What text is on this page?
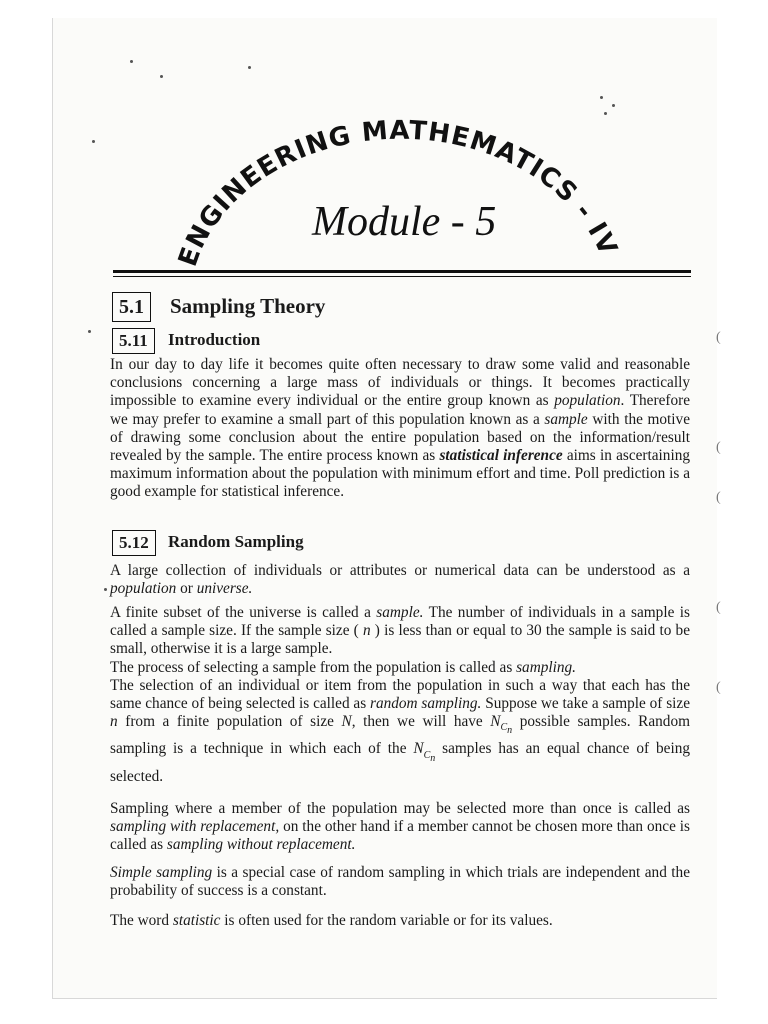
ENGINEERING MATHEMATICS - IV
Module - 5
5.1	Sampling Theory
5.11	Introduction

In our day to day life it becomes quite often necessary to draw some valid and reasonable conclusions concerning a large mass of individuals or things. It becomes practically impossible to examine every individual or the entire group known as population. Therefore we may prefer to examine a small part of this population known as a sample with the motive of drawing some conclusion about the entire population based on the information/result revealed by the sample. The entire process known as statistical inference aims in ascertaining maximum information about the population with minimum effort and time. Poll prediction is a good example for statistical inference.

5.12	Random Sampling

A large collection of individuals or attributes or numerical data can be understood as a population or universe.

A finite subset of the universe is called a sample. The number of individuals in a sample is called a sample size. If the sample size ( n ) is less than or equal to 30 the sample is said to be small, otherwise it is a large sample.

The process of selecting a sample from the population is called as sampling.

The selection of an individual or item from the population in such a way that each has the same chance of being selected is called as random sampling. Suppose we take a sample of size n from a finite population of size N, then we will have $N_{C_n}$ possible samples. Random sampling is a technique in which each of the $N_{C_n}$ samples has an equal chance of being selected.

Sampling where a member of the population may be selected more than once is called as sampling with replacement, on the other hand if a member cannot be chosen more than once is called as sampling without replacement.

Simple sampling is a special case of random sampling in which trials are independent and the probability of success is a constant.

The word statistic is often used for the random variable or for its values.

(
(
(
(
(
